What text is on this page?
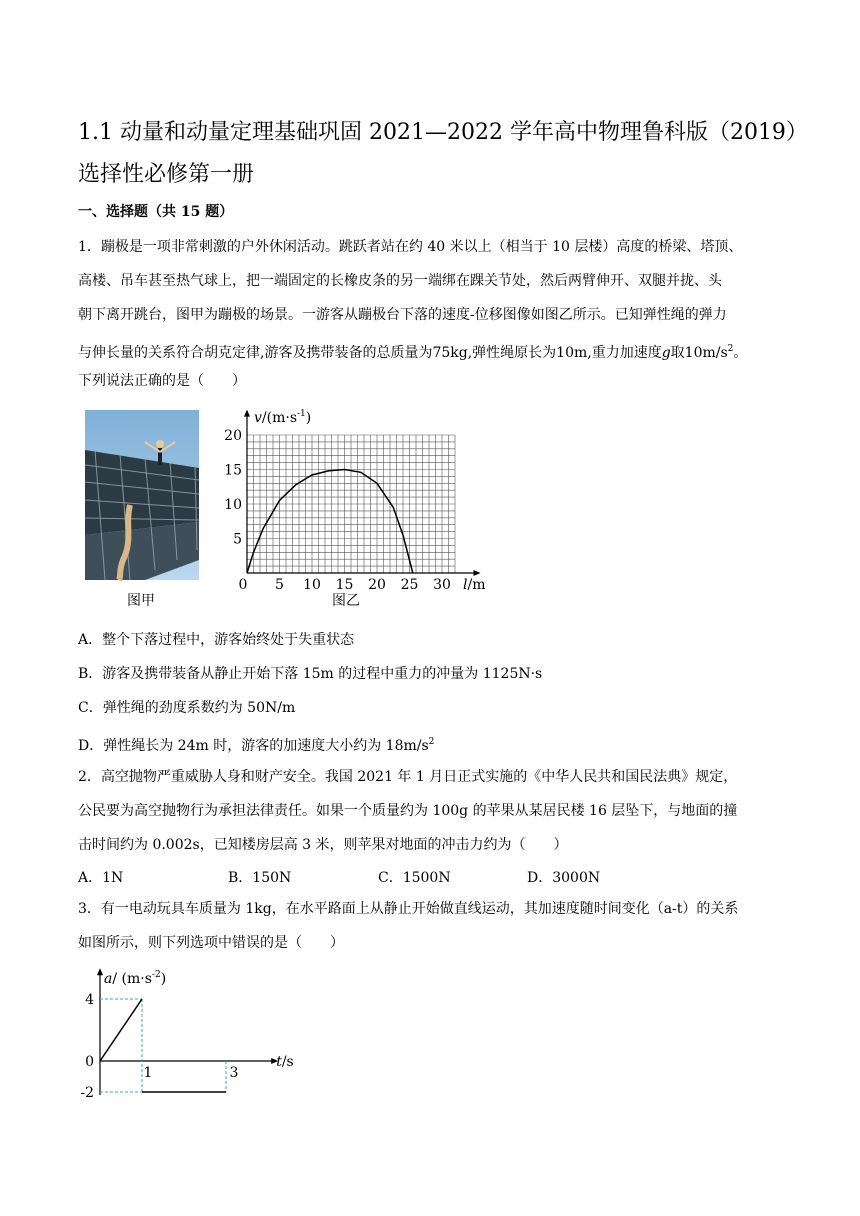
1.1 动量和动量定理基础巩固 2021—2022 学年高中物理鲁科版（2019）选择性必修第一册
一、选择题（共 15 题）
1．蹦极是一项非常刺激的户外休闲活动。跳跃者站在约 40 米以上（相当于 10 层楼）高度的桥梁、塔顶、
高楼、吊车甚至热气球上，把一端固定的长橡皮条的另一端绑在踝关节处，然后两臂伸开、双腿并拢、头
朝下离开跳台，图甲为蹦极的场景。一游客从蹦极台下落的速度-位移图像如图乙所示。已知弹性绳的弹力
与伸长量的关系符合胡克定律,游客及携带装备的总质量为75kg,弹性绳原长为10m,重力加速度g取$10m/s^2$。
下列说法正确的是（　　）
图甲
0 5 10 15 20 25 30
5
10
15
20
$v/(m\cdot s^{-1})$
l/m
图乙
A．整个下落过程中，游客始终处于失重状态
B．游客及携带装备从静止开始下落 15m 的过程中重力的冲量为 1125N·s
C．弹性绳的劲度系数约为 50N/m
D．弹性绳长为 24m 时，游客的加速度大小约为 $18m/s^2$
2．高空抛物严重威胁人身和财产安全。我国 2021 年 1 月日正式实施的《中华人民共和国民法典》规定，
公民要为高空抛物行为承担法律责任。如果一个质量约为 100g 的苹果从某居民楼 16 层坠下，与地面的撞
击时间约为 0.002s，已知楼房层高 3 米，则苹果对地面的冲击力约为（　　）
A．1N	B．150N	C．1500N	D．3000N
3．有一电动玩具车质量为 1kg，在水平路面上从静止开始做直线运动，其加速度随时间变化（a-t）的关系
如图所示，则下列选项中错误的是（　　）
4
0
-2
1	3
a/ $(m\cdot s^{-2})$
t/s
